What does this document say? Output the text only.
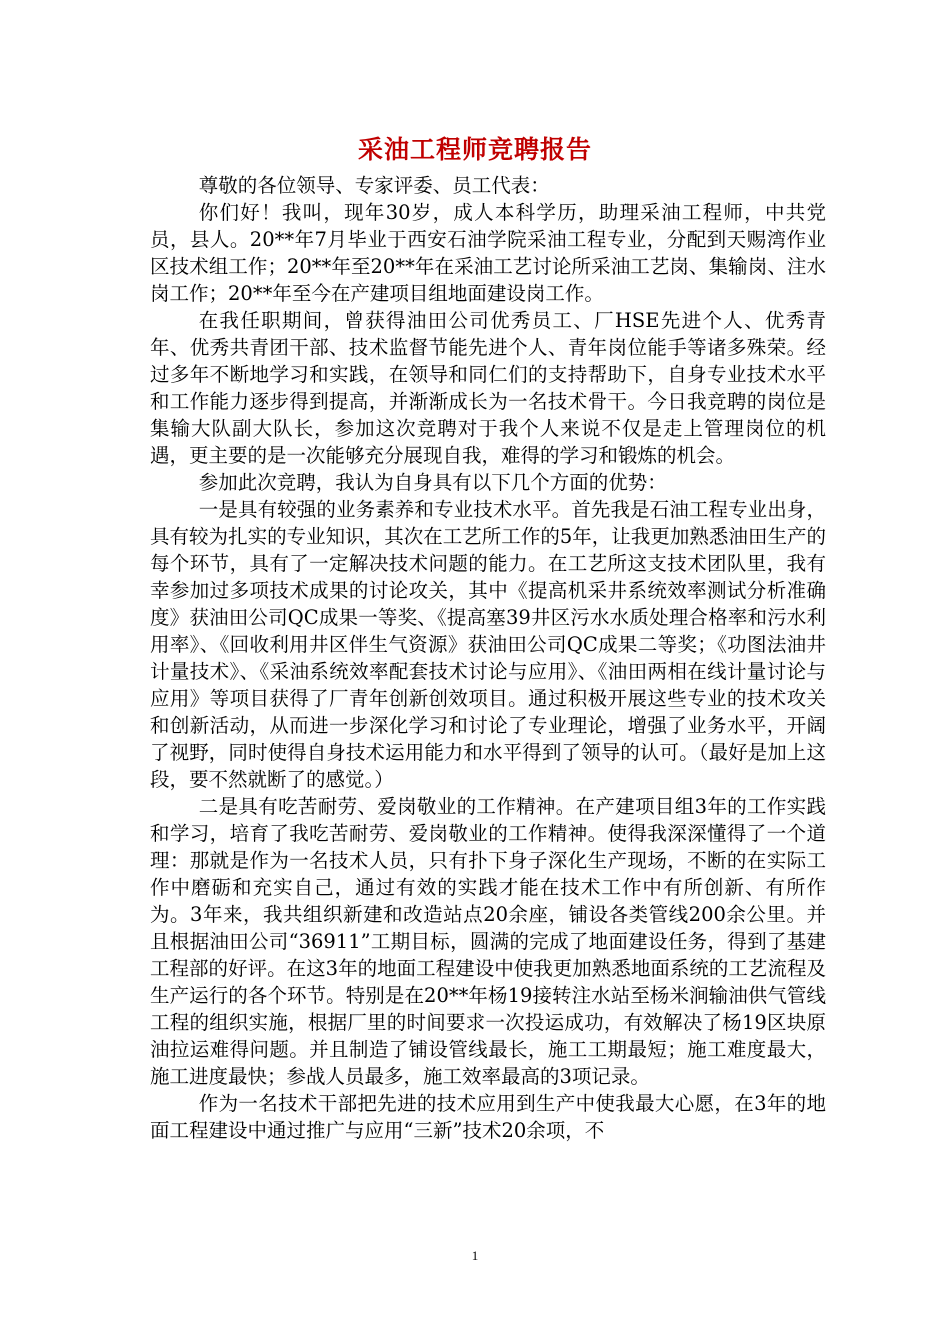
采油工程师竞聘报告

尊敬的各位领导、专家评委、员工代表：

你们好！我叫，现年30岁，成人本科学历，助理采油工程师，中共党员，县人。20**年7月毕业于西安石油学院采油工程专业，分配到天赐湾作业区技术组工作；20**年至20**年在采油工艺讨论所采油工艺岗、集输岗、注水岗工作；20**年至今在产建项目组地面建设岗工作。

在我任职期间，曾获得油田公司优秀员工、厂HSE先进个人、优秀青年、优秀共青团干部、技术监督节能先进个人、青年岗位能手等诸多殊荣。经过多年不断地学习和实践，在领导和同仁们的支持帮助下，自身专业技术水平和工作能力逐步得到提高，并渐渐成长为一名技术骨干。今日我竞聘的岗位是集输大队副大队长，参加这次竞聘对于我个人来说不仅是走上管理岗位的机遇，更主要的是一次能够充分展现自我，难得的学习和锻炼的机会。

参加此次竞聘，我认为自身具有以下几个方面的优势：

一是具有较强的业务素养和专业技术水平。首先我是石油工程专业出身，具有较为扎实的专业知识，其次在工艺所工作的5年，让我更加熟悉油田生产的每个环节，具有了一定解决技术问题的能力。在工艺所这支技术团队里，我有幸参加过多项技术成果的讨论攻关，其中《提高机采井系统效率测试分析准确度》获油田公司QC成果一等奖、《提高塞39井区污水水质处理合格率和污水利用率》、《回收利用井区伴生气资源》获油田公司QC成果二等奖；《功图法油井计量技术》、《采油系统效率配套技术讨论与应用》、《油田两相在线计量讨论与应用》等项目获得了厂青年创新创效项目。通过积极开展这些专业的技术攻关和创新活动，从而进一步深化学习和讨论了专业理论，增强了业务水平，开阔了视野，同时使得自身技术运用能力和水平得到了领导的认可。（最好是加上这段，要不然就断了的感觉。）

二是具有吃苦耐劳、爱岗敬业的工作精神。在产建项目组3年的工作实践和学习，培育了我吃苦耐劳、爱岗敬业的工作精神。使得我深深懂得了一个道理：那就是作为一名技术人员，只有扑下身子深化生产现场，不断的在实际工作中磨砺和充实自己，通过有效的实践才能在技术工作中有所创新、有所作为。3年来，我共组织新建和改造站点20余座，铺设各类管线200余公里。并且根据油田公司“36911”工期目标，圆满的完成了地面建设任务，得到了基建工程部的好评。在这3年的地面工程建设中使我更加熟悉地面系统的工艺流程及生产运行的各个环节。特别是在20**年杨19接转注水站至杨米涧输油供气管线工程的组织实施，根据厂里的时间要求一次投运成功，有效解决了杨19区块原油拉运难得问题。并且制造了铺设管线最长，施工工期最短；施工难度最大，施工进度最快；参战人员最多，施工效率最高的3项记录。

作为一名技术干部把先进的技术应用到生产中使我最大心愿，在3年的地面工程建设中通过推广与应用“三新”技术20余项，不

1
